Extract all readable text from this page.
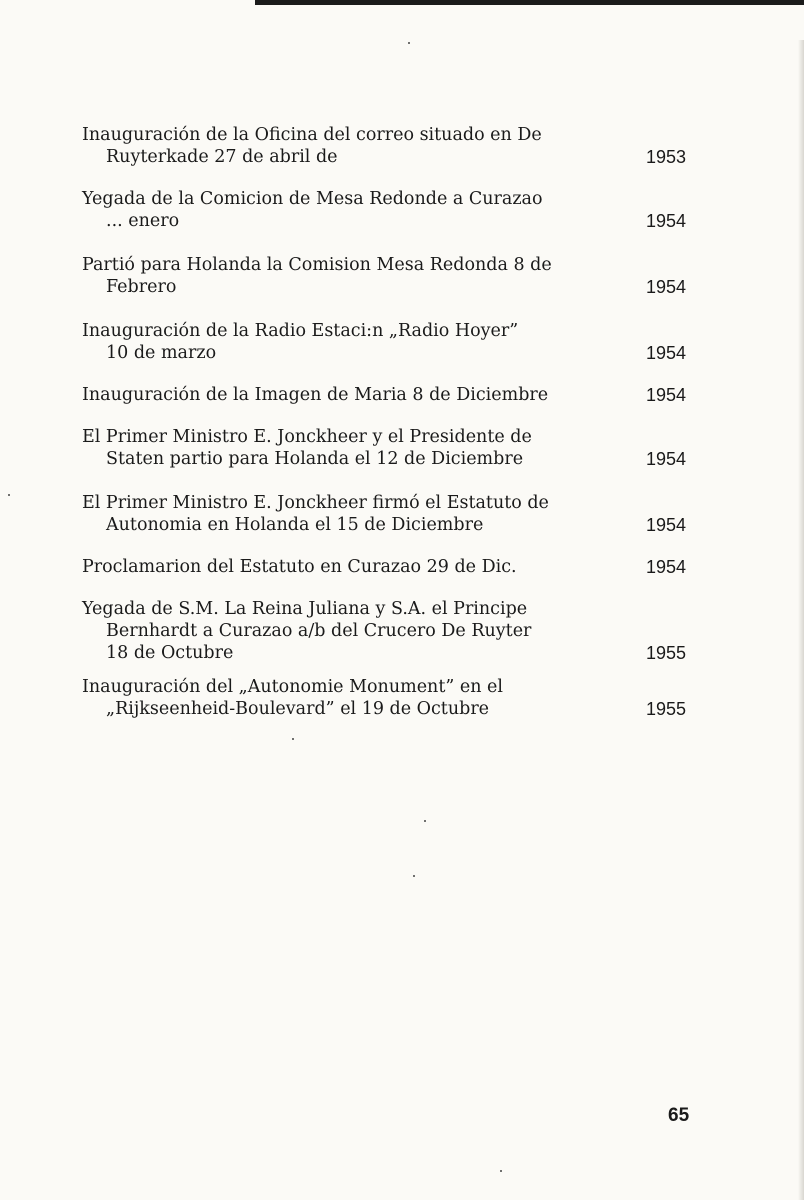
Inauguración de la Oficina del correo situado en De
Ruyterkade 27 de abril de	1953
Yegada de la Comicion de Mesa Redonde a Curazao
... enero	1954
Partió para Holanda la Comision Mesa Redonda 8 de
Febrero	1954
Inauguración de la Radio Estaci:n „Radio Hoyer”
10 de marzo	1954
Inauguración de la Imagen de Maria 8 de Diciembre	1954
El Primer Ministro E. Jonckheer y el Presidente de
Staten partio para Holanda el 12 de Diciembre	1954
El Primer Ministro E. Jonckheer firmó el Estatuto de
Autonomia en Holanda el 15 de Diciembre	1954
Proclamarion del Estatuto en Curazao 29 de Dic.	1954
Yegada de S.M. La Reina Juliana y S.A. el Principe
Bernhardt a Curazao a/b del Crucero De Ruyter
18 de Octubre	1955
Inauguración del „Autonomie Monument” en el
„Rijkseenheid-Boulevard” el 19 de Octubre	1955
65
